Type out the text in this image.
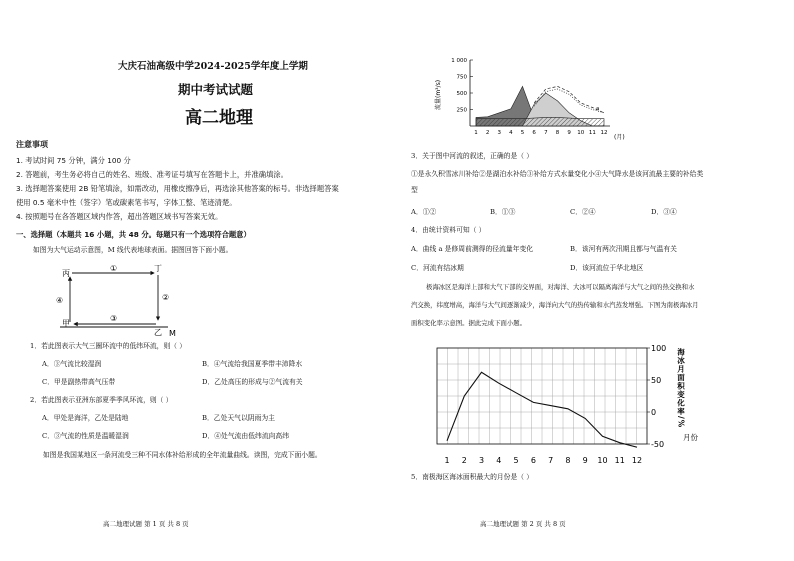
大庆石油高级中学2024-2025学年度上学期
期中考试试题
高二地理
注意事项
1. 考试时间 75 分钟，满分 100 分
2. 答题前，考生务必将自己的姓名、班级、准考证号填写在答题卡上，并准确填涂。
3. 选择题答案使用 2B 铅笔填涂，如需改动，用橡皮擦净后，再选涂其他答案的标号。非选择题答案
使用 0.5 毫米中性（签字）笔或碳素笔书写，字体工整、笔迹清楚。
4. 按照题号在各答题区域内作答，超出答题区域书写答案无效。
一、选择题（本题共 16 小题，共 48 分。每题只有一个选项符合题意）
如图为大气运动示意图，M 线代表地球表面。据图回答下面小题。
丙
丁
甲
乙
①
②
③
④
M
1．若此图表示大气三圈环流中的低纬环流，则（ ）
A．③气流比较湿润	B．④气流给我国夏季带丰沛降水
C．甲是副热带高气压带	D．乙处高压的形成与②气流有关
2．若此图表示亚洲东部夏季季风环流，则（ ）
A．甲处是海洋，乙处是陆地	B．乙处天气以阴雨为主
C．③气流的性质是温暖湿润	D．④处气流由低纬流向高纬
如图是我国某地区一条河流受三种不同水体补给形成的全年流量曲线。读图，完成下面小题。
高二地理试题 第 1 页 共 8 页
1 000
750
500
250
1 2 3 4 5 6 7 8 9 10 11 12
a
流量(m³/s)
(月)
3．关于图中河流的叙述，正确的是（ ）
①是永久积雪冰川补给②是湖泊水补给③补给方式水量变化小④大气降水是该河流最主要的补给类
型
A．①②	B．①③	C．②④	D．③④
4．由统计资料可知（ ）
A．曲线 a 是修周前测得的径流量年变化	B．该河有两次汛期且都与气温有关
C．河流有结冰期	D．该河流位于华北地区
极海冰区是海洋上部和大气下部的交界面，对海洋、大冰可以隔离海洋与大气之间的热交换和水
汽交换，纬度增高，海洋与大气间逐渐减少，海洋向大气的热传输和水汽蒸发增强。下图为南极海冰月
面积变化率示意图。据此完成下面小题。
100
50
0
-50
1 2 3 4 5 6 7 8 9 10 11 12
月份
海冰月面积变化率/%
5．南极海区海冰面积最大的月份是（ ）
高二地理试题 第 2 页 共 8 页
